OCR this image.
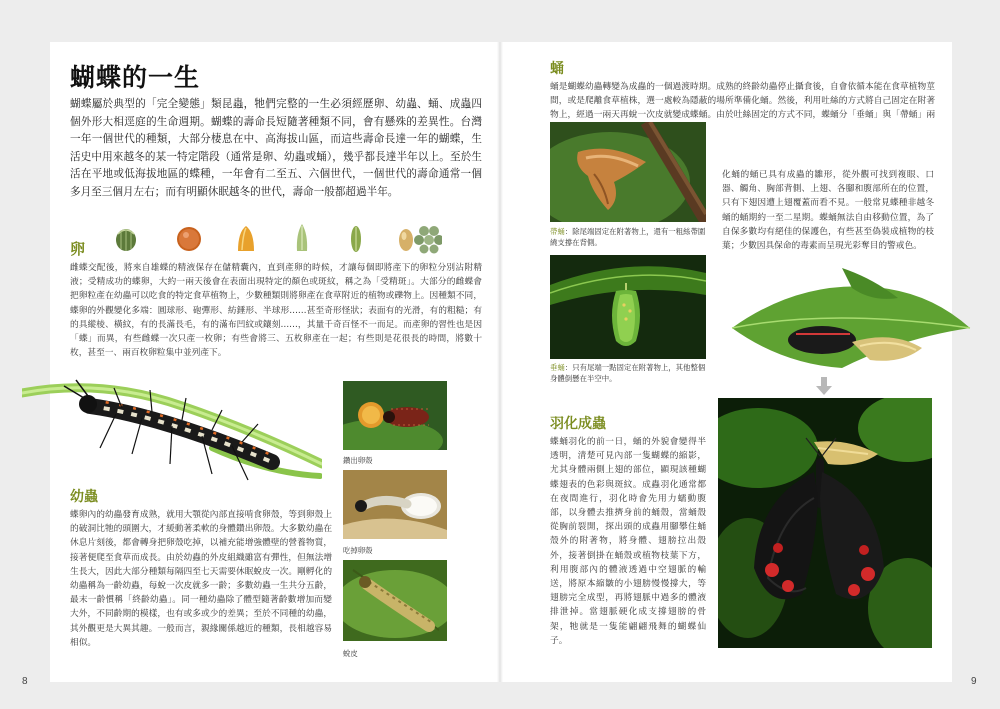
蝴蝶的一生
蝴蝶屬於典型的「完全變態」類昆蟲，牠們完整的一生必須經歷卵、幼蟲、蛹、成蟲四個外形大相逕庭的生命週期。蝴蝶的壽命長短隨著種類不同，會有懸殊的差異性。台灣一年一個世代的種類，大部分棲息在中、高海拔山區，而這些壽命長達一年的蝴蝶，生活史中用來越冬的某一特定階段（通常是卵、幼蟲或蛹），幾乎都長達半年以上。至於生活在平地或低海拔地區的蝶種，一年會有二至五、六個世代，一個世代的壽命通常一個多月至三個月左右；而有明顯休眠越冬的世代，壽命一般都超過半年。
卵
雌蝶交配後，將來自雄蝶的精液保存在儲精囊內，直到產卵的時候，才讓每個即將產下的卵粒分別沾附精液；受精成功的蝶卵，大約一兩天後會在表面出現特定的顏色或斑紋，稱之為「受精斑」。大部分的雌蝶會把卵粒產在幼蟲可以吃食的特定食草植物上，少數種類則將卵產在食草附近的植物或礫物上。因種類不同，蝶卵的外觀變化多端：圓球形、砲彈形、紡錘形、半球形……甚至奇形怪狀；表面有的光滑，有的粗糙；有的具縱棱、橫紋，有的長滿長毛，有的滿布凹紋或鑲刻……，其量千奇百怪不一而足。而產卵的習性也是因「蝶」而異，有些雌蝶一次只產一枚卵；有些會將三、五枚卵產在一起；有些則是花很長的時間，將數十枚，甚至一、兩百枚卵粒集中並列產下。
鑽出卵殼
吃掉卵殼
蛻皮
幼蟲
蝶卵內的幼蟲發育成熟，就用大顎從內部直接啃食卵殼，等到卵殼上的破洞比牠的頭圍大，才緩動著柔軟的身體鑽出卵殼。大多數幼蟲在休息片刻後，都會轉身把卵殼吃掉，以補充能增強體壁的營養物質，接著便爬至食草而成長。由於幼蟲的外皮組織雖富有彈性，但無法增生長大，因此大部分種類每隔四至七天需要休眠蛻皮一次。剛孵化的幼蟲稱為一齡幼蟲，每蛻一次皮就多一齡；多數幼蟲一生共分五齡，最末一齡慣稱「終齡幼蟲」。同一種幼蟲除了體型隨著齡數增加而變大外，不同齡期的模樣，也有或多或少的差異；至於不同種的幼蟲，其外觀更是大異其趣。一般而言，親緣關係越近的種類，長相越容易相似。
8
蛹
蛹是蝴蝶幼蟲轉變為成蟲的一個過渡時期。成熟的終齡幼蟲停止攝食後，自會依循本能在食草植物莖間，或是爬離食草植株，選一處較為隱蔽的場所準備化蛹。然後，利用吐絲的方式將自己固定在附著物上，經過一兩天再蛻一次皮就變成蝶蛹。由於吐絲固定的方式不同，蝶蛹分「垂蛹」與「帶蛹」兩
帶蛹：除尾端固定在附著物上，還有一粗絲帶圍繞支撐在背側。
垂蛹：只有尾端一點固定在附著物上，其他整個身體倒懸在半空中。
化蛹的蛹已具有成蟲的雛形，從外觀可找到複眼、口器、觸角、胸部背側、上翅、各腳和腹部所在的位置，只有下翅因遭上翅覆蓋而看不見。一般常見蝶種非越冬蛹的蛹期約一至二星期。蝶蛹無法自由移動位置，為了自保多數均有絕佳的保護色，有些甚至偽裝成植物的枝葉；少數因具保命的毒素而呈現光彩奪目的警戒色。
羽化成蟲
蝶蛹羽化的前一日，蛹的外貌會變得半透明，清楚可見內部一隻蝴蝶的縮影，尤其身體兩側上翅的部位，顯現該種蝴蝶翅表的色彩與斑紋。成蟲羽化通常都在夜間進行，羽化時會先用力蠕動腹部，以身體去推擠身前的蛹殼，當蛹殼從胸前裂開，探出頭的成蟲用腳攀住蛹殼外的附著物，將身體、翅膀拉出殼外，接著倒掛在蛹殼或植物枝葉下方，利用腹部內的體液透過中空翅脈的輸送，將原本縮皺的小翅膀慢慢撐大，等翅膀完全成型，再將翅脈中過多的體液排泄掉。當翅脈硬化成支撐翅膀的骨架，牠就是一隻能翩翩飛舞的蝴蝶仙子。
9
